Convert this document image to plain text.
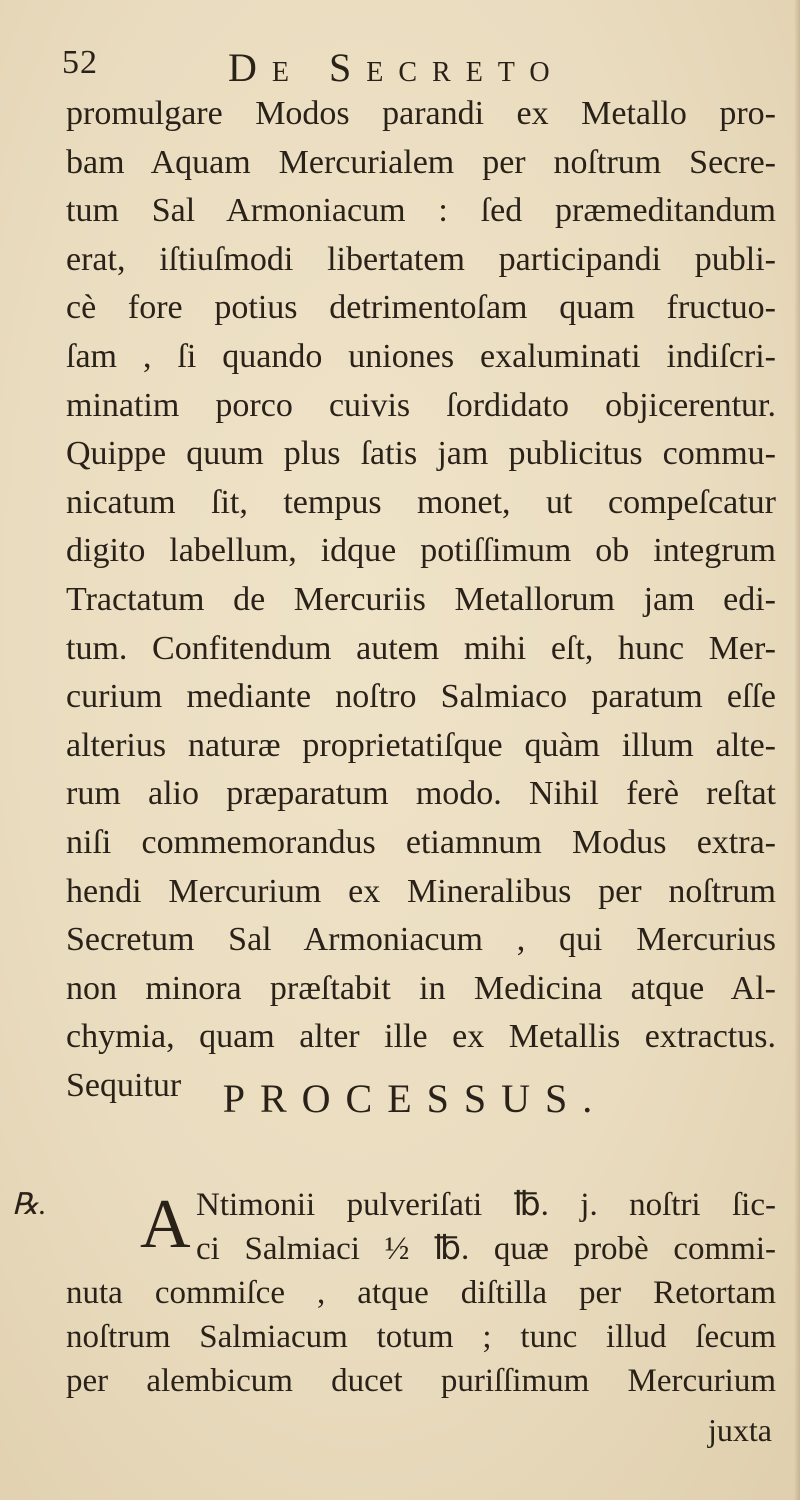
52	De Secreto
promulgare Modos parandi ex Metallo pro-
bam Aquam Mercurialem per noſtrum Secre-
tum Sal Armoniacum : ſed præmeditandum
erat, iſtiuſmodi libertatem participandi publi-
cè fore potius detrimentoſam quam fructuo-
ſam , ſi quando uniones exaluminati indiſcri-
minatim porco cuivis ſordidato objicerentur.
Quippe quum plus ſatis jam publicitus commu-
nicatum ſit, tempus monet, ut compeſcatur
digito labellum, idque potiſſimum ob integrum
Tractatum de Mercuriis Metallorum jam edi-
tum. Confitendum autem mihi eſt, hunc Mer-
curium mediante noſtro Salmiaco paratum eſſe
alterius naturæ proprietatiſque quàm illum alte-
rum alio præparatum modo. Nihil ferè reſtat
niſi commemorandus etiamnum Modus extra-
hendi Mercurium ex Mineralibus per noſtrum
Secretum Sal Armoniacum , qui Mercurius
non minora præſtabit in Medicina atque Al-
chymia, quam alter ille ex Metallis extractus.
Sequitur	PROCESSUS.
℞. A Ntimonii pulveriſati ℔. j. noſtri ſic-
ci Salmiaci ½ ℔. quæ probè commi-
nuta commiſce , atque diſtilla per Retortam
noſtrum Salmiacum totum ; tunc illud ſecum
per alembicum ducet puriſſimum Mercurium
juxta
